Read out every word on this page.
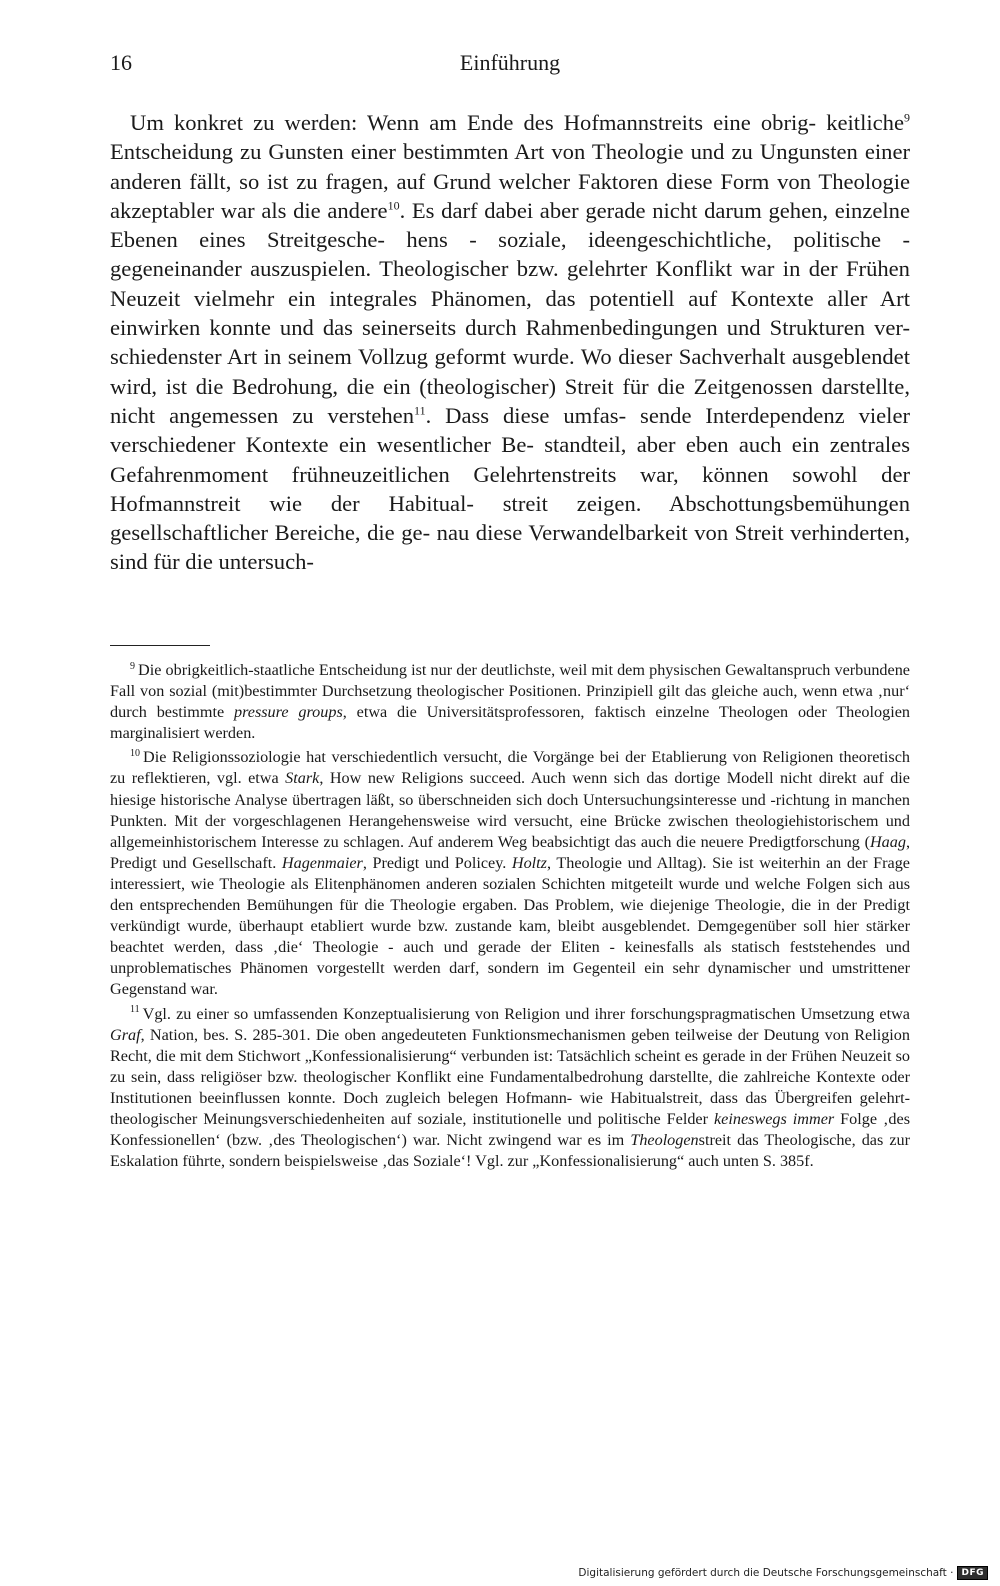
16	Einführung

Um konkret zu werden: Wenn am Ende des Hofmannstreits eine obrig- keitliche$^9$ Entscheidung zu Gunsten einer bestimmten Art von Theologie und zu Ungunsten einer anderen fällt, so ist zu fragen, auf Grund welcher Faktoren diese Form von Theologie akzeptabler war als die andere$^{10}$. Es darf dabei aber gerade nicht darum gehen, einzelne Ebenen eines Streitgesche- hens - soziale, ideengeschichtliche, politische - gegeneinander auszuspielen. Theologischer bzw. gelehrter Konflikt war in der Frühen Neuzeit vielmehr ein integrales Phänomen, das potentiell auf Kontexte aller Art einwirken konnte und das seinerseits durch Rahmenbedingungen und Strukturen ver- schiedenster Art in seinem Vollzug geformt wurde. Wo dieser Sachverhalt ausgeblendet wird, ist die Bedrohung, die ein (theologischer) Streit für die Zeitgenossen darstellte, nicht angemessen zu verstehen$^{11}$. Dass diese umfas- sende Interdependenz vieler verschiedener Kontexte ein wesentlicher Be- standteil, aber eben auch ein zentrales Gefahrenmoment frühneuzeitlichen Gelehrtenstreits war, können sowohl der Hofmannstreit wie der Habitual- streit zeigen. Abschottungsbemühungen gesellschaftlicher Bereiche, die ge- nau diese Verwandelbarkeit von Streit verhinderten, sind für die untersuch-

$^9$ Die obrigkeitlich-staatliche Entscheidung ist nur der deutlichste, weil mit dem physischen Gewaltanspruch verbundene Fall von sozial (mit)bestimmter Durchsetzung theologischer Positionen. Prinzipiell gilt das gleiche auch, wenn etwa ‚nur‘ durch bestimmte pressure groups, etwa die Universitätsprofessoren, faktisch einzelne Theologen oder Theologien marginalisiert werden.

$^{10}$ Die Religionssoziologie hat verschiedentlich versucht, die Vorgänge bei der Etablierung von Religionen theoretisch zu reflektieren, vgl. etwa Stark, How new Religions succeed. Auch wenn sich das dortige Modell nicht direkt auf die hiesige historische Analyse übertragen läßt, so überschneiden sich doch Untersuchungsinteresse und -richtung in manchen Punkten. Mit der vorgeschlagenen Herangehensweise wird versucht, eine Brücke zwischen theologiehistorischem und allgemeinhistorischem Interesse zu schlagen. Auf anderem Weg beabsichtigt das auch die neuere Predigtforschung (Haag, Predigt und Gesellschaft. Hagenmaier, Predigt und Policey. Holtz, Theologie und Alltag). Sie ist weiterhin an der Frage interessiert, wie Theologie als Elitenphänomen anderen sozialen Schichten mitgeteilt wurde und welche Folgen sich aus den entsprechenden Bemühungen für die Theologie ergaben. Das Problem, wie diejenige Theologie, die in der Predigt verkündigt wurde, überhaupt etabliert wurde bzw. zustande kam, bleibt ausgeblendet. Demgegenüber soll hier stärker beachtet werden, dass ‚die‘ Theologie - auch und gerade der Eliten - keinesfalls als statisch feststehendes und unproblematisches Phänomen vorgestellt werden darf, sondern im Gegenteil ein sehr dynamischer und umstrittener Gegenstand war.

$^{11}$ Vgl. zu einer so umfassenden Konzeptualisierung von Religion und ihrer forschungspragmatischen Umsetzung etwa Graf, Nation, bes. S. 285-301. Die oben angedeuteten Funktionsmechanismen geben teilweise der Deutung von Religion Recht, die mit dem Stichwort „Konfessionalisierung“ verbunden ist: Tatsächlich scheint es gerade in der Frühen Neuzeit so zu sein, dass religiöser bzw. theologischer Konflikt eine Fundamentalbedrohung darstellte, die zahlreiche Kontexte oder Institutionen beeinflussen konnte. Doch zugleich belegen Hofmann- wie Habitualstreit, dass das Übergreifen gelehrt-theologischer Meinungsverschiedenheiten auf soziale, institutionelle und politische Felder keineswegs immer Folge ‚des Konfessionellen‘ (bzw. ‚des Theologischen‘) war. Nicht zwingend war es im Theologenstreit das Theologische, das zur Eskalation führte, sondern beispielsweise ‚das Soziale‘! Vgl. zur „Konfessionalisierung“ auch unten S. 385f.

Digitalisierung gefördert durch die Deutsche Forschungsgemeinschaft · DFG
